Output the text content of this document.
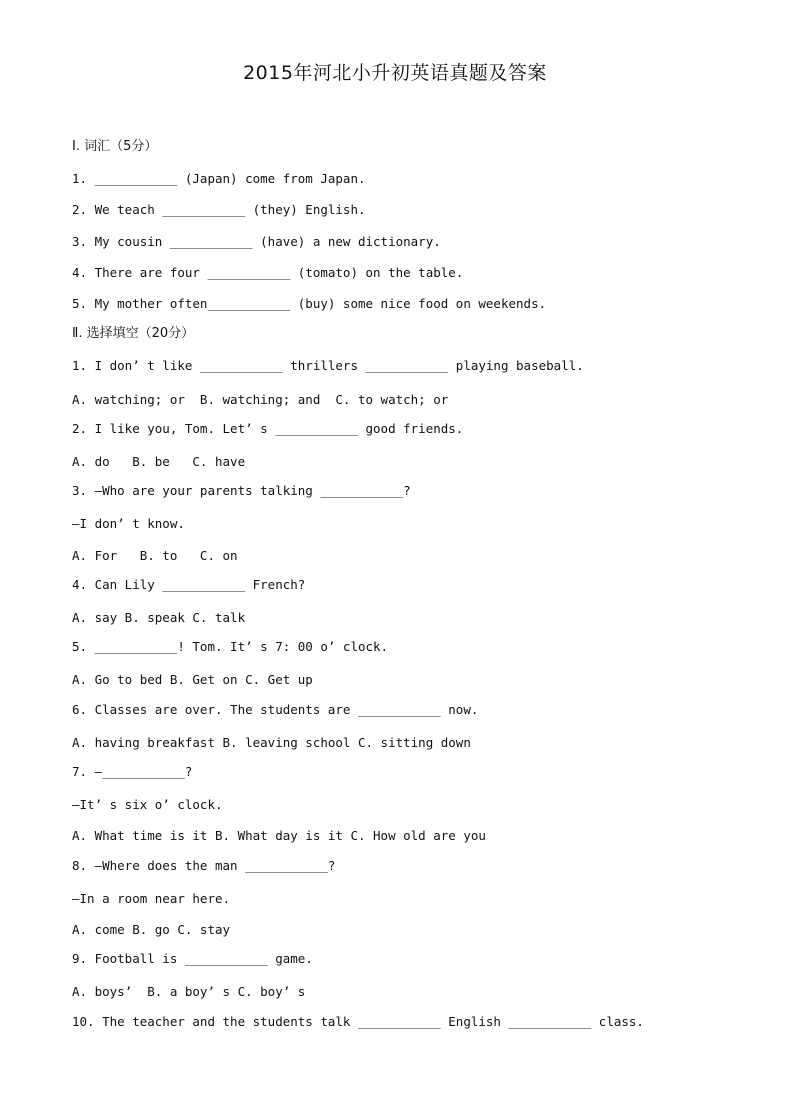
2015年河北小升初英语真题及答案
Ⅰ. 词汇（5分）
1. ___________ (Japan) come from Japan.
2. We teach ___________ (they) English.
3. My cousin ___________ (have) a new dictionary.
4. There are four ___________ (tomato) on the table.
5. My mother often___________ (buy) some nice food on weekends.
Ⅱ. 选择填空（20分）
1. I don’ t like ___________ thrillers ___________ playing baseball.
A. watching; or  B. watching; and  C. to watch; or
2. I like you, Tom. Let’ s ___________ good friends.
A. do   B. be   C. have
3. —Who are your parents talking ___________?
—I don’ t know.
A. For   B. to   C. on
4. Can Lily ___________ French?
A. say B. speak C. talk
5. ___________! Tom. It’ s 7: 00 o’ clock.
A. Go to bed B. Get on C. Get up
6. Classes are over. The students are ___________ now.
A. having breakfast B. leaving school C. sitting down
7. —___________?
—It’ s six o’ clock.
A. What time is it B. What day is it C. How old are you
8. —Where does the man ___________?
—In a room near here.
A. come B. go C. stay
9. Football is ___________ game.
A. boys’  B. a boy’ s C. boy’ s
10. The teacher and the students talk ___________ English ___________ class.
